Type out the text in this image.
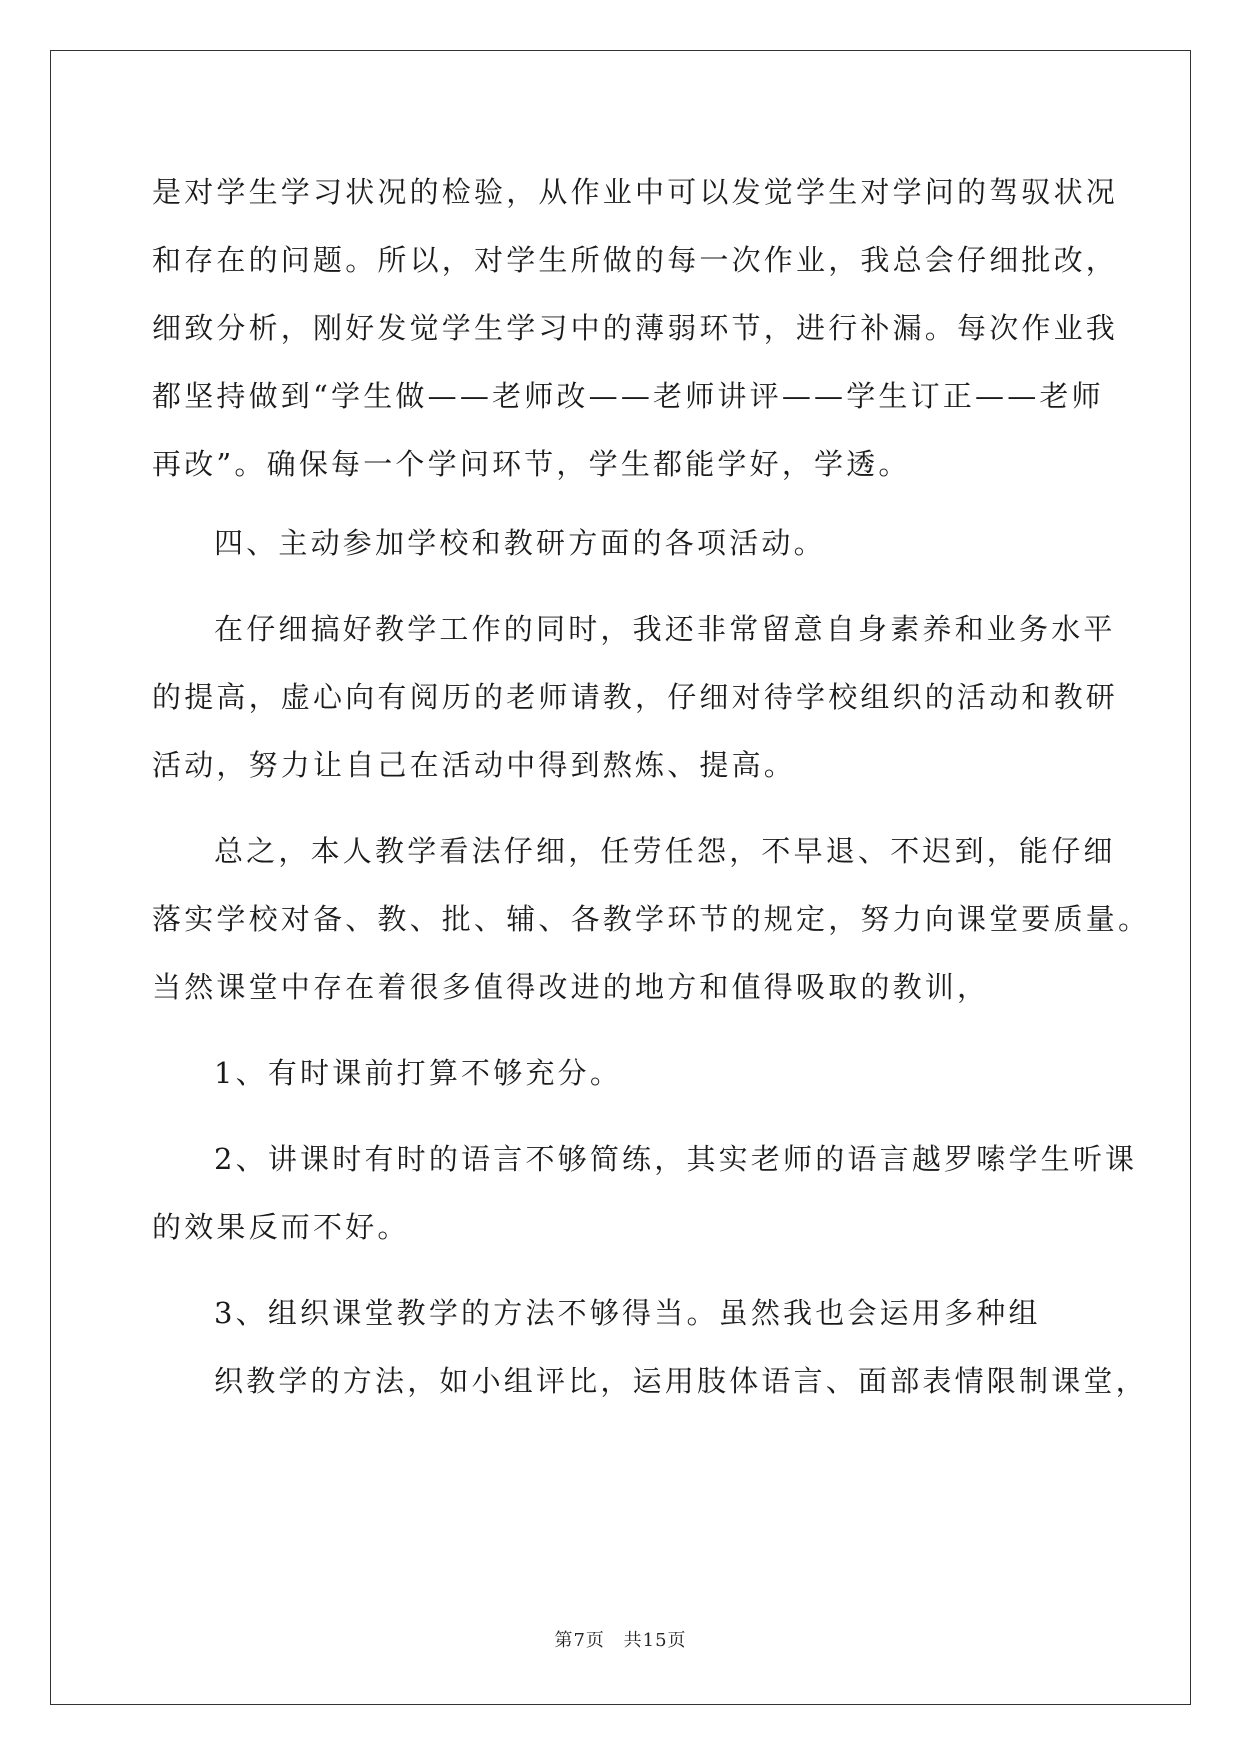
是对学生学习状况的检验，从作业中可以发觉学生对学问的驾驭状况
和存在的问题。所以，对学生所做的每一次作业，我总会仔细批改，
细致分析，刚好发觉学生学习中的薄弱环节，进行补漏。每次作业我
都坚持做到“学生做——老师改——老师讲评——学生订正——老师
再改”。确保每一个学问环节，学生都能学好，学透。
四、主动参加学校和教研方面的各项活动。
在仔细搞好教学工作的同时，我还非常留意自身素养和业务水平
的提高，虚心向有阅历的老师请教，仔细对待学校组织的活动和教研
活动，努力让自己在活动中得到熬炼、提高。
总之，本人教学看法仔细，任劳任怨，不早退、不迟到，能仔细
落实学校对备、教、批、辅、各教学环节的规定，努力向课堂要质量。
当然课堂中存在着很多值得改进的地方和值得吸取的教训，
1、有时课前打算不够充分。
2、讲课时有时的语言不够简练，其实老师的语言越罗嗦学生听课
的效果反而不好。
3、组织课堂教学的方法不够得当。虽然我也会运用多种组
织教学的方法，如小组评比，运用肢体语言、面部表情限制课堂，
第7页 共15页
